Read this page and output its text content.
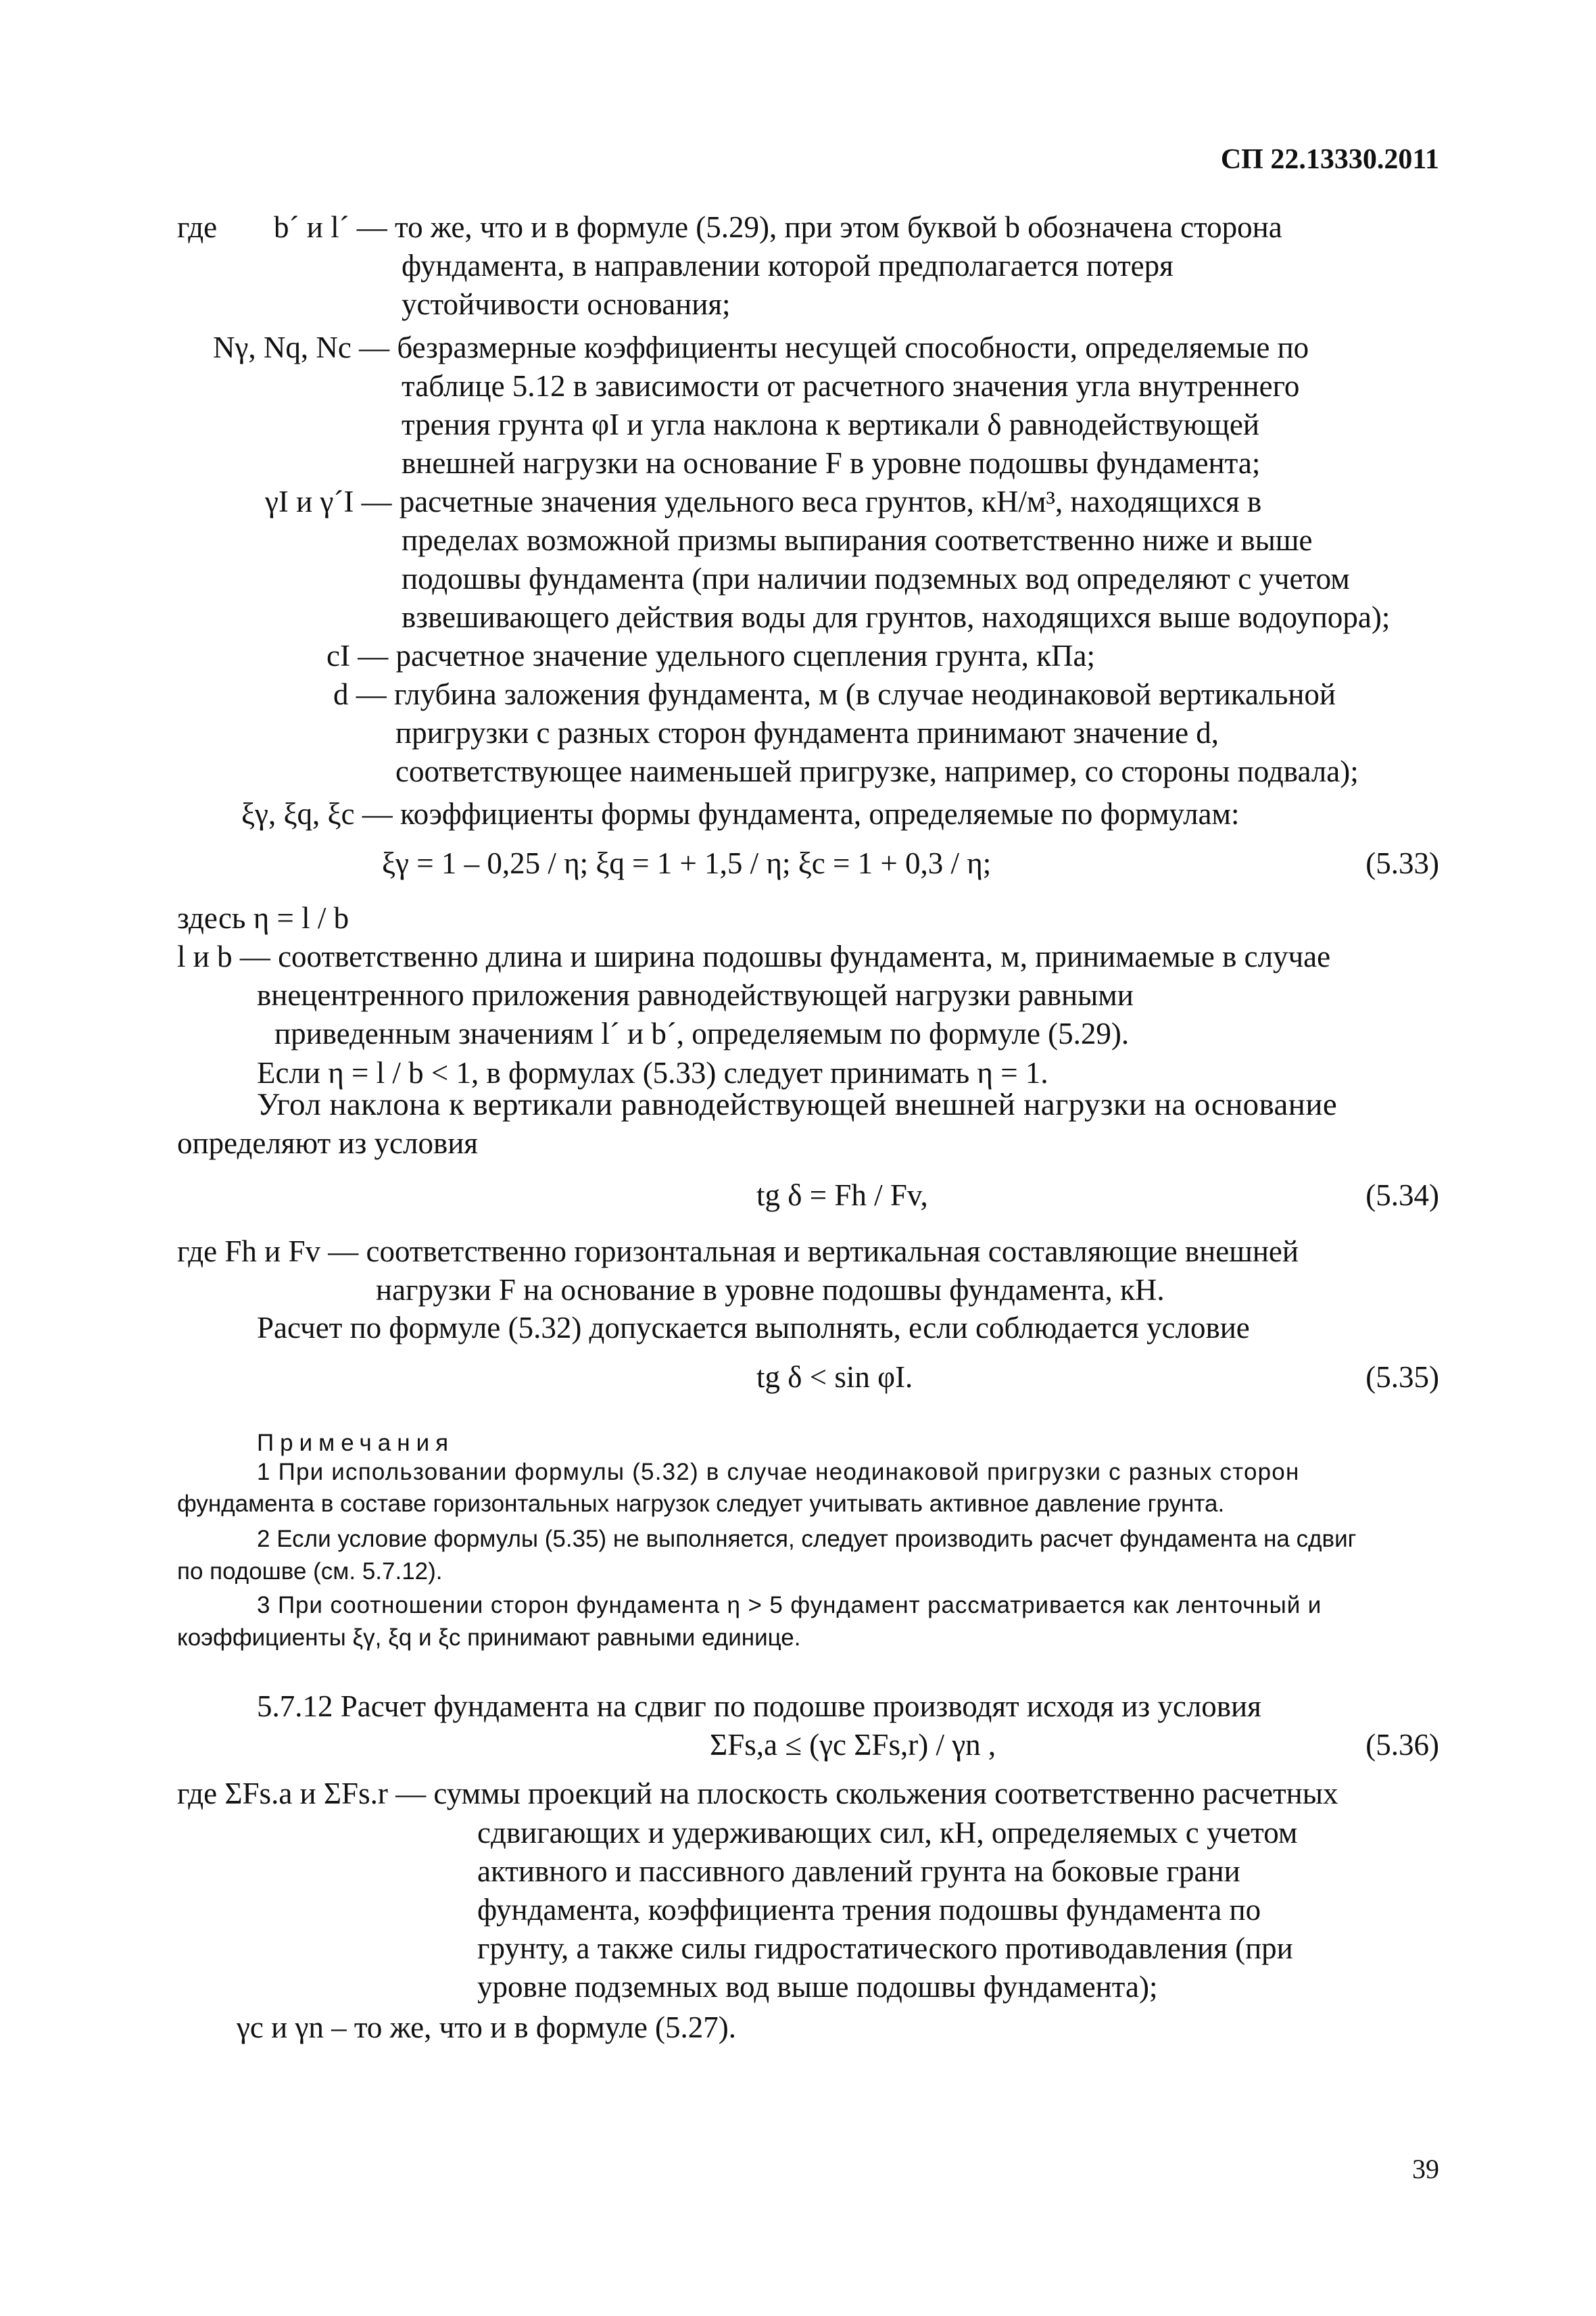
СП 22.13330.2011
где b´ и l´ — то же, что и в формуле (5.29), при этом буквой b обозначена сторона
фундамента, в направлении которой предполагается потеря
устойчивости основания;
Nγ, Nq, Nc — безразмерные коэффициенты несущей способности, определяемые по
таблице 5.12 в зависимости от расчетного значения угла внутреннего
трения грунта φI и угла наклона к вертикали δ равнодействующей
внешней нагрузки на основание F в уровне подошвы фундамента;
γI и γ´I — расчетные значения удельного веса грунтов, кН/м³, находящихся в
пределах возможной призмы выпирания соответственно ниже и выше
подошвы фундамента (при наличии подземных вод определяют с учетом
взвешивающего действия воды для грунтов, находящихся выше водоупора);
cI — расчетное значение удельного сцепления грунта, кПа;
d — глубина заложения фундамента, м (в случае неодинаковой вертикальной
пригрузки с разных сторон фундамента принимают значение d,
соответствующее наименьшей пригрузке, например, со стороны подвала);
ξγ, ξq, ξc — коэффициенты формы фундамента, определяемые по формулам:
ξγ = 1 – 0,25 / η; ξq = 1 + 1,5 / η; ξc = 1 + 0,3 / η;	(5.33)
здесь η = l / b
l и b — соответственно длина и ширина подошвы фундамента, м, принимаемые в случае
внецентренного приложения равнодействующей нагрузки равными
приведенным значениям l´ и b´, определяемым по формуле (5.29).
Если η = l / b < 1, в формулах (5.33) следует принимать η = 1.
Угол наклона к вертикали равнодействующей внешней нагрузки на основание
определяют из условия
tg δ = Fh / Fv,	(5.34)
где Fh и Fv — соответственно горизонтальная и вертикальная составляющие внешней
нагрузки F на основание в уровне подошвы фундамента, кН.
Расчет по формуле (5.32) допускается выполнять, если соблюдается условие
tg δ < sin φI.	(5.35)
Примечания
1 При использовании формулы (5.32) в случае неодинаковой пригрузки с разных сторон
фундамента в составе горизонтальных нагрузок следует учитывать активное давление грунта.
2 Если условие формулы (5.35) не выполняется, следует производить расчет фундамента на сдвиг
по подошве (см. 5.7.12).
3 При соотношении сторон фундамента η > 5 фундамент рассматривается как ленточный и
коэффициенты ξγ, ξq и ξc принимают равными единице.
5.7.12 Расчет фундамента на сдвиг по подошве производят исходя из условия
ΣFs,a ≤ (γc ΣFs,r) / γn ,	(5.36)
где ΣFs.a и ΣFs.r — суммы проекций на плоскость скольжения соответственно расчетных
сдвигающих и удерживающих сил, кН, определяемых с учетом
активного и пассивного давлений грунта на боковые грани
фундамента, коэффициента трения подошвы фундамента по
грунту, а также силы гидростатического противодавления (при
уровне подземных вод выше подошвы фундамента);
γc и γn – то же, что и в формуле (5.27).
39
